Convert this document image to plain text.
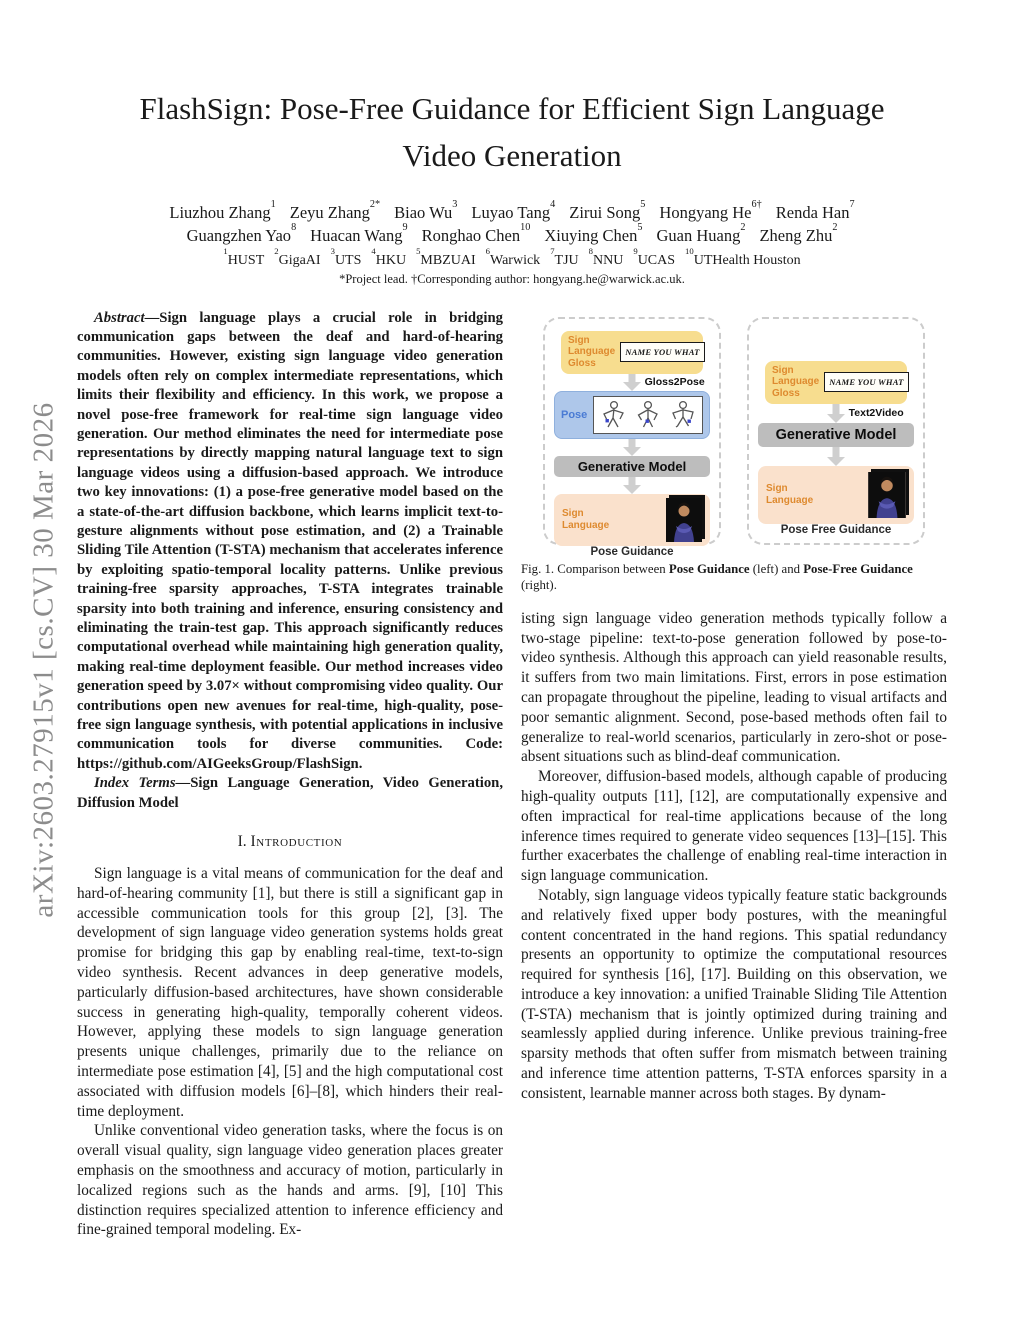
arXiv:2603.27915v1 [cs.CV] 30 Mar 2026
FlashSign: Pose-Free Guidance for Efficient Sign Language Video Generation
Liuzhou Zhang$^1$ Zeyu Zhang$^{2*}$ Biao Wu$^3$ Luyao Tang$^4$ Zirui Song$^5$ Hongyang $He^{6\dagger}$ Renda Han$^7$
Guangzhen Yao$^8$ Huacan Wang$^9$ Ronghao Chen$^{10}$ Xiuying Chen$^5$ Guan Huang$^2$ Zheng Zhu$^2$
$^1$HUST$^2$GigaAI$^3$UTS$^4$HKU$^5$MBZUAI$^6$Warwick$^7$TJU$^8$NNU$^9$UCAS$^{10}$UTHealth Houston
*Project lead. †Corresponding author: hongyang.he@warwick.ac.uk.

Abstract—Sign language plays a crucial role in bridging communication gaps between the deaf and hard-of-hearing communities. However, existing sign language video generation models often rely on complex intermediate representations, which limits their flexibility and efficiency. In this work, we propose a novel pose-free framework for real-time sign language video generation. Our method eliminates the need for intermediate pose representations by directly mapping natural language text to sign language videos using a diffusion-based approach. We introduce two key innovations: (1) a pose-free generative model based on the a state-of-the-art diffusion backbone, which learns implicit text-to-gesture alignments without pose estimation, and (2) a Trainable Sliding Tile Attention (T-STA) mechanism that accelerates inference by exploiting spatio-temporal locality patterns. Unlike previous training-free sparsity approaches, T-STA integrates trainable sparsity into both training and inference, ensuring consistency and eliminating the train-test gap. This approach significantly reduces computational overhead while maintaining high generation quality, making real-time deployment feasible. Our method increases video generation speed by 3.07× without compromising video quality. Our contributions open new avenues for real-time, high-quality, pose-free sign language synthesis, with potential applications in inclusive communication tools for diverse communities. Code: https://github.com/AIGeeksGroup/FlashSign.

Index Terms—Sign Language Generation, Video Generation, Diffusion Model

I. Introduction

Sign language is a vital means of communication for the deaf and hard-of-hearing community [1], but there is still a significant gap in accessible communication tools for this group [2], [3]. The development of sign language video generation systems holds great promise for bridging this gap by enabling real-time, text-to-sign video synthesis. Recent advances in deep generative models, particularly diffusion-based architectures, have shown considerable success in generating high-quality, temporally coherent videos. However, applying these models to sign language generation presents unique challenges, primarily due to the reliance on intermediate pose estimation [4], [5] and the high computational cost associated with diffusion models [6]–[8], which hinders their real-time deployment.

Unlike conventional video generation tasks, where the focus is on overall visual quality, sign language video generation places greater emphasis on the smoothness and accuracy of motion, particularly in localized regions such as the hands and arms. [9], [10] This distinction requires specialized attention to inference efficiency and fine-grained temporal modeling. Ex-

Sign Language Gloss
NAME YOU WHAT
Gloss2Pose
Pose
Generative Model
Sign Language
Pose Guidance
Sign Language Gloss
NAME YOU WHAT
Text2Video
Generative Model
Sign Language
Pose Free Guidance
Fig. 1. Comparison between Pose Guidance (left) and Pose-Free Guidance (right).

isting sign language video generation methods typically follow a two-stage pipeline: text-to-pose generation followed by pose-to-video synthesis. Although this approach can yield reasonable results, it suffers from two main limitations. First, errors in pose estimation can propagate throughout the pipeline, leading to visual artifacts and poor semantic alignment. Second, pose-based methods often fail to generalize to real-world scenarios, particularly in zero-shot or pose-absent situations such as blind-deaf communication.

Moreover, diffusion-based models, although capable of producing high-quality outputs [11], [12], are computationally expensive and often impractical for real-time applications because of the long inference times required to generate video sequences [13]–[15]. This further exacerbates the challenge of enabling real-time interaction in sign language communication.

Notably, sign language videos typically feature static backgrounds and relatively fixed upper body postures, with the meaningful content concentrated in the hand regions. This spatial redundancy presents an opportunity to optimize the computational resources required for synthesis [16], [17]. Building on this observation, we introduce a key innovation: a unified Trainable Sliding Tile Attention (T-STA) mechanism that is jointly optimized during training and seamlessly applied during inference. Unlike previous training-free sparsity methods that often suffer from mismatch between training and inference time attention patterns, T-STA enforces sparsity in a consistent, learnable manner across both stages. By dynam-
